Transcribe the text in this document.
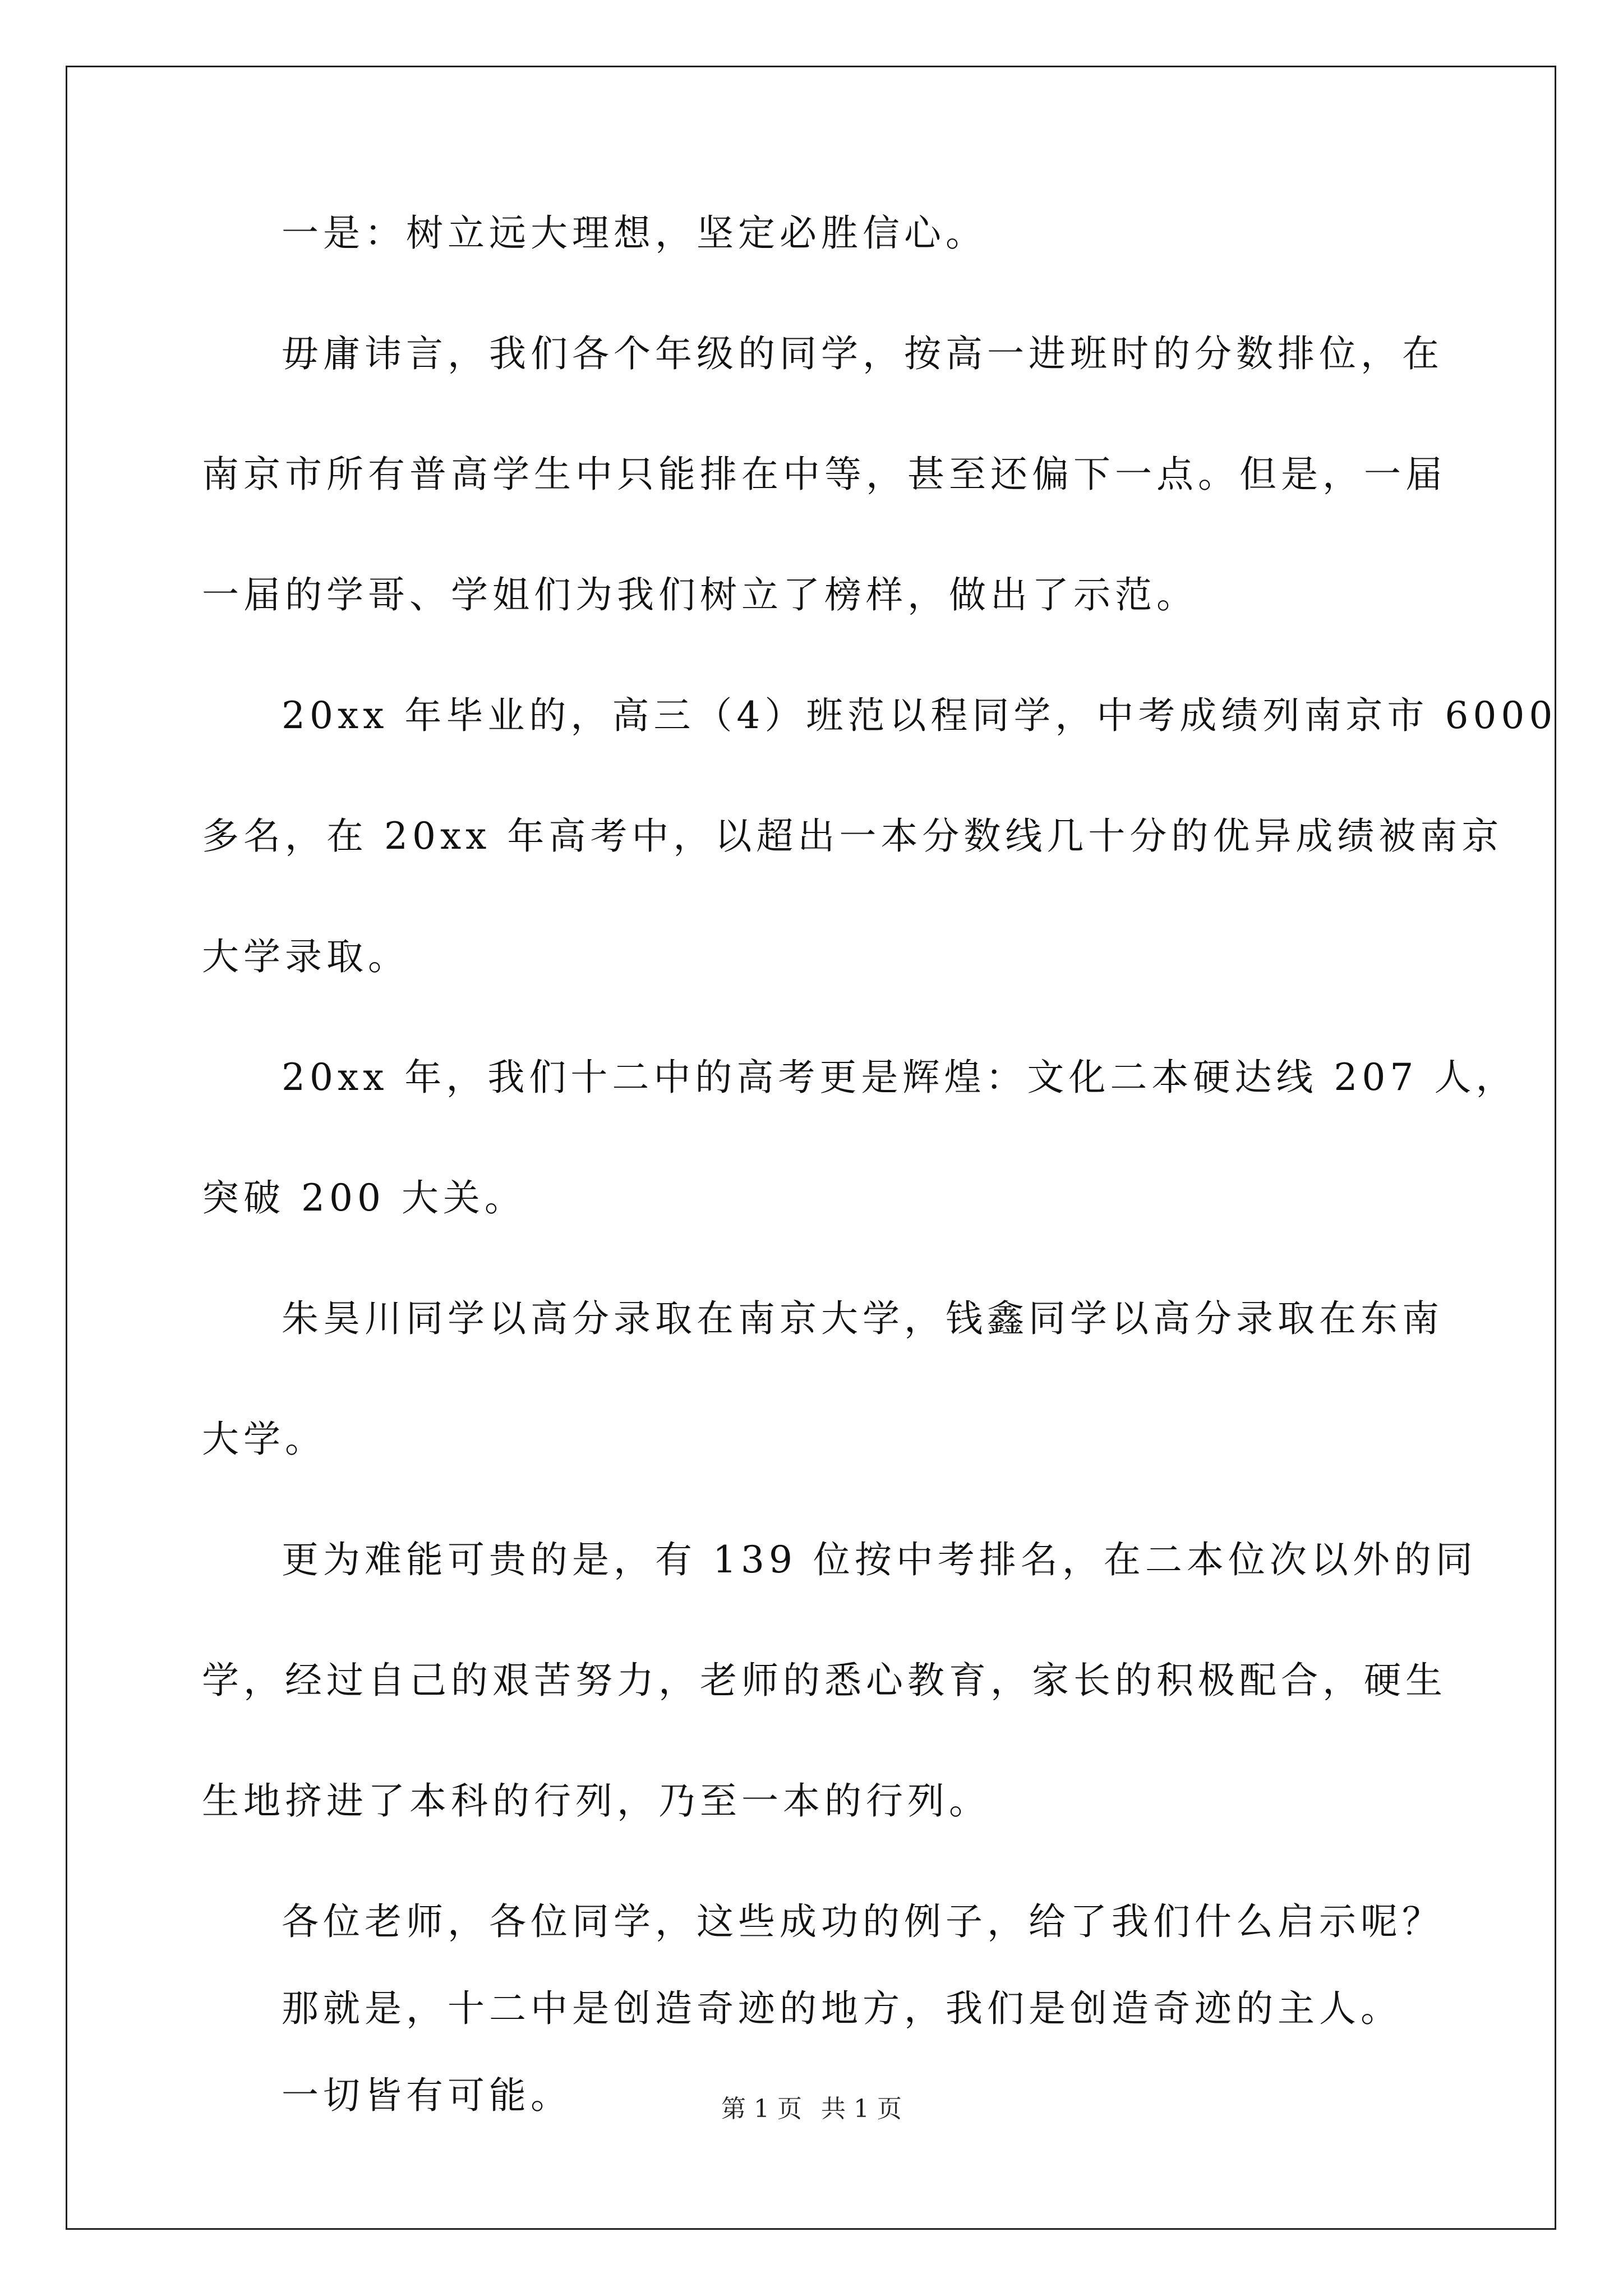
一是：树立远大理想，坚定必胜信心。
毋庸讳言，我们各个年级的同学，按高一进班时的分数排位，在
南京市所有普高学生中只能排在中等，甚至还偏下一点。但是，一届
一届的学哥、学姐们为我们树立了榜样，做出了示范。
20xx 年毕业的，高三（4）班范以程同学，中考成绩列南京市 6000
多名，在 20xx 年高考中，以超出一本分数线几十分的优异成绩被南京
大学录取。
20xx 年，我们十二中的高考更是辉煌：文化二本硬达线 207 人，
突破 200 大关。
朱昊川同学以高分录取在南京大学，钱鑫同学以高分录取在东南
大学。
更为难能可贵的是，有 139 位按中考排名，在二本位次以外的同
学，经过自己的艰苦努力，老师的悉心教育，家长的积极配合，硬生
生地挤进了本科的行列，乃至一本的行列。
各位老师，各位同学，这些成功的例子，给了我们什么启示呢？
那就是，十二中是创造奇迹的地方，我们是创造奇迹的主人。
一切皆有可能。	第 1 页 共 1 页
